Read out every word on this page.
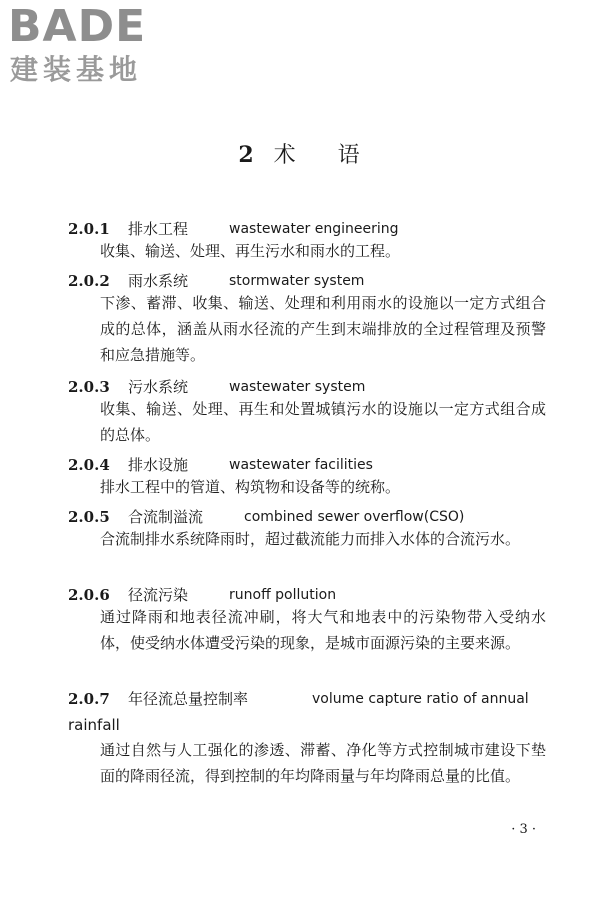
BADE
建装基地
2 术 语
2.0.1 排水工程	wastewater engineering
收集、输送、处理、再生污水和雨水的工程。
2.0.2 雨水系统	stormwater system
下渗、蓄滞、收集、输送、处理和利用雨水的设施以一定方式组合成的总体，涵盖从雨水径流的产生到末端排放的全过程管理及预警和应急措施等。
2.0.3 污水系统	wastewater system
收集、输送、处理、再生和处置城镇污水的设施以一定方式组合成的总体。
2.0.4 排水设施	wastewater facilities
排水工程中的管道、构筑物和设备等的统称。
2.0.5 合流制溢流	combined sewer overflow(CSO)
合流制排水系统降雨时，超过截流能力而排入水体的合流污水。
2.0.6 径流污染	runoff pollution
通过降雨和地表径流冲刷，将大气和地表中的污染物带入受纳水体，使受纳水体遭受污染的现象，是城市面源污染的主要来源。
2.0.7 年径流总量控制率	volume capture ratio of annual
rainfall
通过自然与人工强化的渗透、滞蓄、净化等方式控制城市建设下垫面的降雨径流，得到控制的年均降雨量与年均降雨总量的比值。
· 3 ·
